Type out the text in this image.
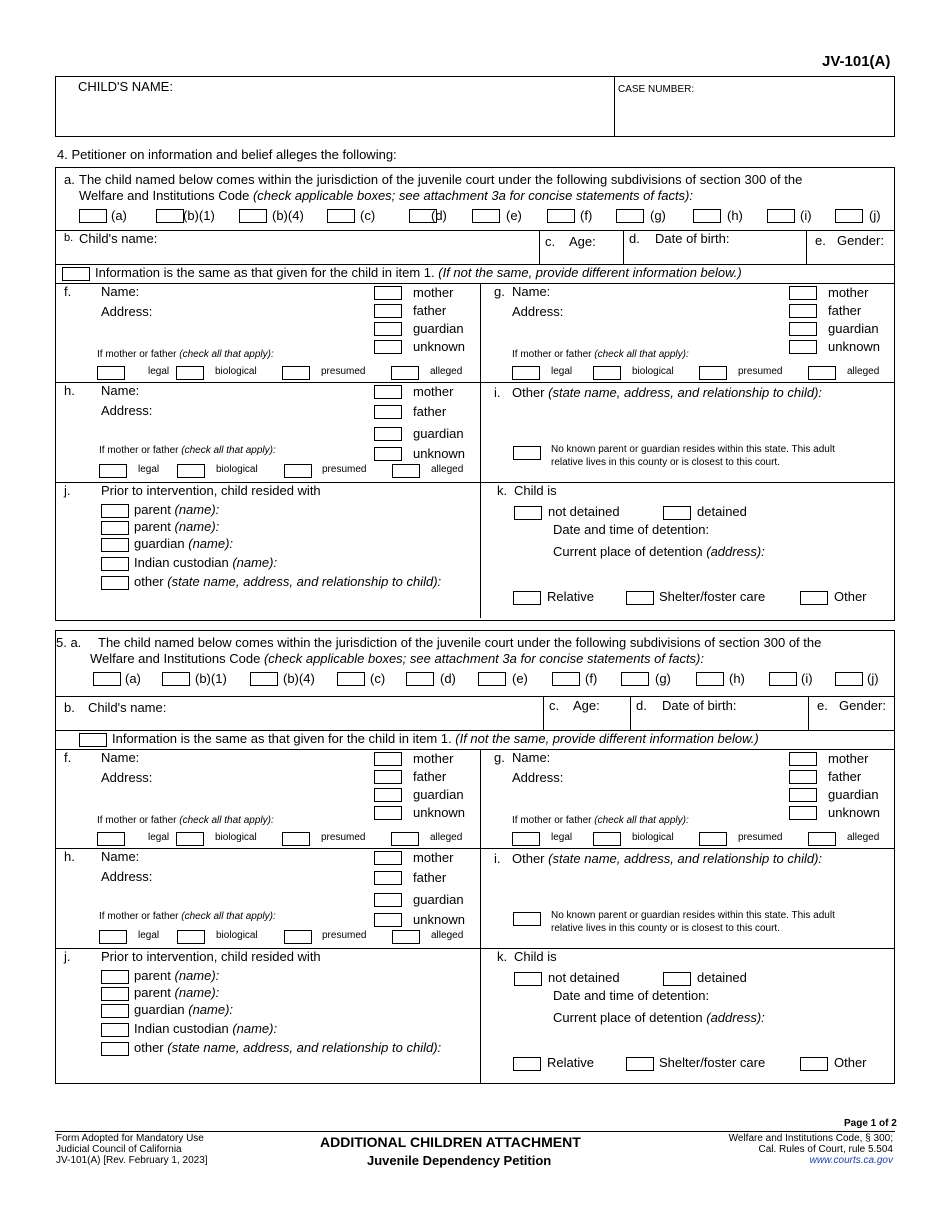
JV-101(A)
CHILD'S NAME:	CASE NUMBER:
4. Petitioner on information and belief alleges the following:
a. The child named below comes within the jurisdiction of the juvenile court under the following subdivisions of section 300 of the
Welfare and Institutions Code (check applicable boxes; see attachment 3a for concise statements of facts):
(a)	(b)(1)	(b)(4)	(c)	(d)	(e)	(f)	(g)	(h)	(i)	(j)
b. Child's name:	c. Age:	d. Date of birth:	e. Gender:
Information is the same as that given for the child in item 1. (If not the same, provide different information below.)
f. Name:
Address:
mother
father
guardian
unknown
If mother or father (check all that apply):
legal	biological	presumed	alleged
g. Name:
Address:
mother
father
guardian
unknown
If mother or father (check all that apply):
legal	biological	presumed	alleged
h. Name:
Address:
mother
father
guardian
unknown
If mother or father (check all that apply):
legal	biological	presumed	alleged
i. Other (state name, address, and relationship to child):
No known parent or guardian resides within this state. This adult
relative lives in this county or is closest to this court.
j. Prior to intervention, child resided with
parent (name):
parent (name):
guardian (name):
Indian custodian (name):
other (state name, address, and relationship to child):
k. Child is
not detained	detained
Date and time of detention:
Current place of detention (address):
Relative	Shelter/foster care	Other
5. a. The child named below comes within the jurisdiction of the juvenile court under the following subdivisions of section 300 of the
Welfare and Institutions Code (check applicable boxes; see attachment 3a for concise statements of facts):
(a)	(b)(1)	(b)(4)	(c)	(d)	(e)	(f)	(g)	(h)	(i)	(j)
b. Child's name:	c. Age:	d. Date of birth:	e. Gender:
Information is the same as that given for the child in item 1. (If not the same, provide different information below.)
f. Name:
Address:
mother
father
guardian
unknown
If mother or father (check all that apply):
legal	biological	presumed	alleged
g. Name:
Address:
mother
father
guardian
unknown
If mother or father (check all that apply):
legal	biological	presumed	alleged
h. Name:
Address:
mother
father
guardian
unknown
If mother or father (check all that apply):
legal	biological	presumed	alleged
i. Other (state name, address, and relationship to child):
No known parent or guardian resides within this state. This adult
relative lives in this county or is closest to this court.
j. Prior to intervention, child resided with
parent (name):
parent (name):
guardian (name):
Indian custodian (name):
other (state name, address, and relationship to child):
k. Child is
not detained	detained
Date and time of detention:
Current place of detention (address):
Relative	Shelter/foster care	Other
Page 1 of 2
Form Adopted for Mandatory Use
Judicial Council of California
JV-101(A) [Rev. February 1, 2023]
ADDITIONAL CHILDREN ATTACHMENT
Juvenile Dependency Petition
Welfare and Institutions Code, § 300;
Cal. Rules of Court, rule 5.504
www.courts.ca.gov
